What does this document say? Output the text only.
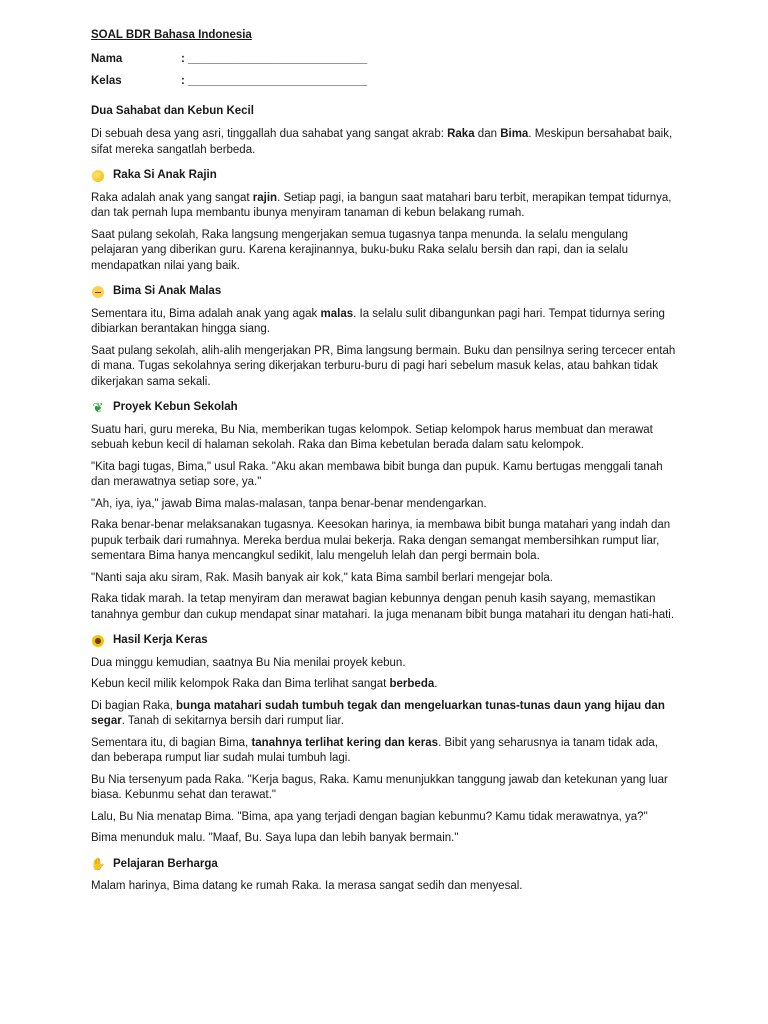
SOAL BDR Bahasa Indonesia
Nama	: ____________________________
Kelas	: ____________________________
Dua Sahabat dan Kebun Kecil

Di sebuah desa yang asri, tinggallah dua sahabat yang sangat akrab: Raka dan Bima. Meskipun bersahabat baik, sifat mereka sangatlah berbeda.

Raka Si Anak Rajin

Raka adalah anak yang sangat rajin. Setiap pagi, ia bangun saat matahari baru terbit, merapikan tempat tidurnya, dan tak pernah lupa membantu ibunya menyiram tanaman di kebun belakang rumah.

Saat pulang sekolah, Raka langsung mengerjakan semua tugasnya tanpa menunda. Ia selalu mengulang pelajaran yang diberikan guru. Karena kerajinannya, buku-buku Raka selalu bersih dan rapi, dan ia selalu mendapatkan nilai yang baik.

Bima Si Anak Malas

Sementara itu, Bima adalah anak yang agak malas. Ia selalu sulit dibangunkan pagi hari. Tempat tidurnya sering dibiarkan berantakan hingga siang.

Saat pulang sekolah, alih-alih mengerjakan PR, Bima langsung bermain. Buku dan pensilnya sering tercecer entah di mana. Tugas sekolahnya sering dikerjakan terburu-buru di pagi hari sebelum masuk kelas, atau bahkan tidak dikerjakan sama sekali.

❦ Proyek Kebun Sekolah

Suatu hari, guru mereka, Bu Nia, memberikan tugas kelompok. Setiap kelompok harus membuat dan merawat sebuah kebun kecil di halaman sekolah. Raka dan Bima kebetulan berada dalam satu kelompok.

"Kita bagi tugas, Bima," usul Raka. "Aku akan membawa bibit bunga dan pupuk. Kamu bertugas menggali tanah dan merawatnya setiap sore, ya."

"Ah, iya, iya," jawab Bima malas-malasan, tanpa benar-benar mendengarkan.

Raka benar-benar melaksanakan tugasnya. Keesokan harinya, ia membawa bibit bunga matahari yang indah dan pupuk terbaik dari rumahnya. Mereka berdua mulai bekerja. Raka dengan semangat membersihkan rumput liar, sementara Bima hanya mencangkul sedikit, lalu mengeluh lelah dan pergi bermain bola.

"Nanti saja aku siram, Rak. Masih banyak air kok," kata Bima sambil berlari mengejar bola.

Raka tidak marah. Ia tetap menyiram dan merawat bagian kebunnya dengan penuh kasih sayang, memastikan tanahnya gembur dan cukup mendapat sinar matahari. Ia juga menanam bibit bunga matahari itu dengan hati-hati.

Hasil Kerja Keras

Dua minggu kemudian, saatnya Bu Nia menilai proyek kebun.

Kebun kecil milik kelompok Raka dan Bima terlihat sangat berbeda.

Di bagian Raka, bunga matahari sudah tumbuh tegak dan mengeluarkan tunas-tunas daun yang hijau dan segar. Tanah di sekitarnya bersih dari rumput liar.

Sementara itu, di bagian Bima, tanahnya terlihat kering dan keras. Bibit yang seharusnya ia tanam tidak ada, dan beberapa rumput liar sudah mulai tumbuh lagi.

Bu Nia tersenyum pada Raka. "Kerja bagus, Raka. Kamu menunjukkan tanggung jawab dan ketekunan yang luar biasa. Kebunmu sehat dan terawat."

Lalu, Bu Nia menatap Bima. "Bima, apa yang terjadi dengan bagian kebunmu? Kamu tidak merawatnya, ya?"

Bima menunduk malu. "Maaf, Bu. Saya lupa dan lebih banyak bermain."

✋ Pelajaran Berharga

Malam harinya, Bima datang ke rumah Raka. Ia merasa sangat sedih dan menyesal.
